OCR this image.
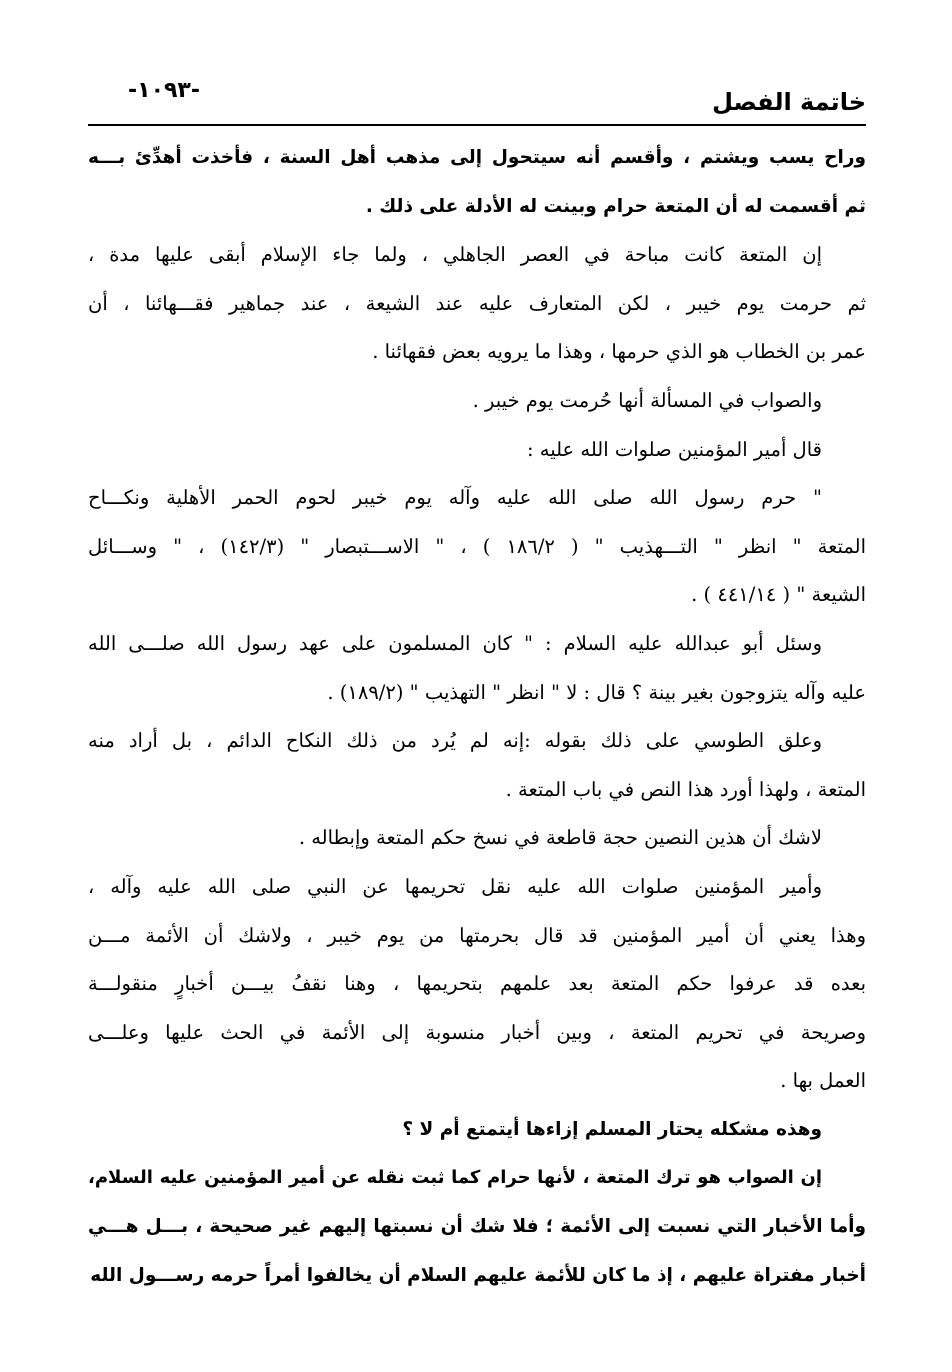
-١٠٩٣-	خاتمة الفصل
وراح يسب ويشتم ، وأقسم أنه سيتحول إلى مذهب أهل السنة ، فأخذت أهدِّئ بـــه
ثم أقسمت له أن المتعة حرام وبينت له الأدلة على ذلك .
إن المتعة كانت مباحة في العصر الجاهلي ، ولما جاء الإسلام أبقى عليها مدة ،
ثم حرمت يوم خيبر ، لكن المتعارف عليه عند الشيعة ، عند جماهير فقـــهائنا ، أن
عمر بن الخطاب هو الذي حرمها ، وهذا ما يرويه بعض فقهائنا .
والصواب في المسألة أنها حُرمت يوم خيبر .
قال أمير المؤمنين صلوات الله عليه :
" حرم رسول الله صلى الله عليه وآله يوم خيبر لحوم الحمر الأهلية ونكـــاح
المتعة " انظر " التـــهذيب " ( ١٨٦/٢ ) ، " الاســـتبصار " (١٤٢/٣) ، " وســـائل
الشيعة " ( ٤٤١/١٤ ) .
وسئل أبو عبدالله عليه السلام : " كان المسلمون على عهد رسول الله صلـــى الله
عليه وآله يتزوجون بغير بينة ؟ قال : لا " انظر " التهذيب " (١٨٩/٢) .
وعلق الطوسي على ذلك بقوله :إنه لم يُرد من ذلك النكاح الدائم ، بل أراد منه
المتعة ، ولهذا أورد هذا النص في باب المتعة .
لاشك أن هذين النصين حجة قاطعة في نسخ حكم المتعة وإبطاله .
وأمير المؤمنين صلوات الله عليه نقل تحريمها عن النبي صلى الله عليه وآله ،
وهذا يعني أن أمير المؤمنين قد قال بحرمتها من يوم خيبر ، ولاشك أن الأئمة مـــن
بعده قد عرفوا حكم المتعة بعد علمهم بتحريمها ، وهنا نقفُ بيـــن أخبارٍ منقولـــة
وصريحة في تحريم المتعة ، وبين أخبار منسوبة إلى الأئمة في الحث عليها وعلـــى
العمل بها .
وهذه مشكله يحتار المسلم إزاءها أيتمتع أم لا ؟
إن الصواب هو ترك المتعة ، لأنها حرام كما ثبت نقله عن أمير المؤمنين عليه السلام،
وأما الأخبار التي نسبت إلى الأئمة ؛ فلا شك أن نسبتها إليهم غير صحيحة ، بـــل هـــي
أخبار مفتراة عليهم ، إذ ما كان للأئمة عليهم السلام أن يخالفوا أمراً حرمه رســـول الله
